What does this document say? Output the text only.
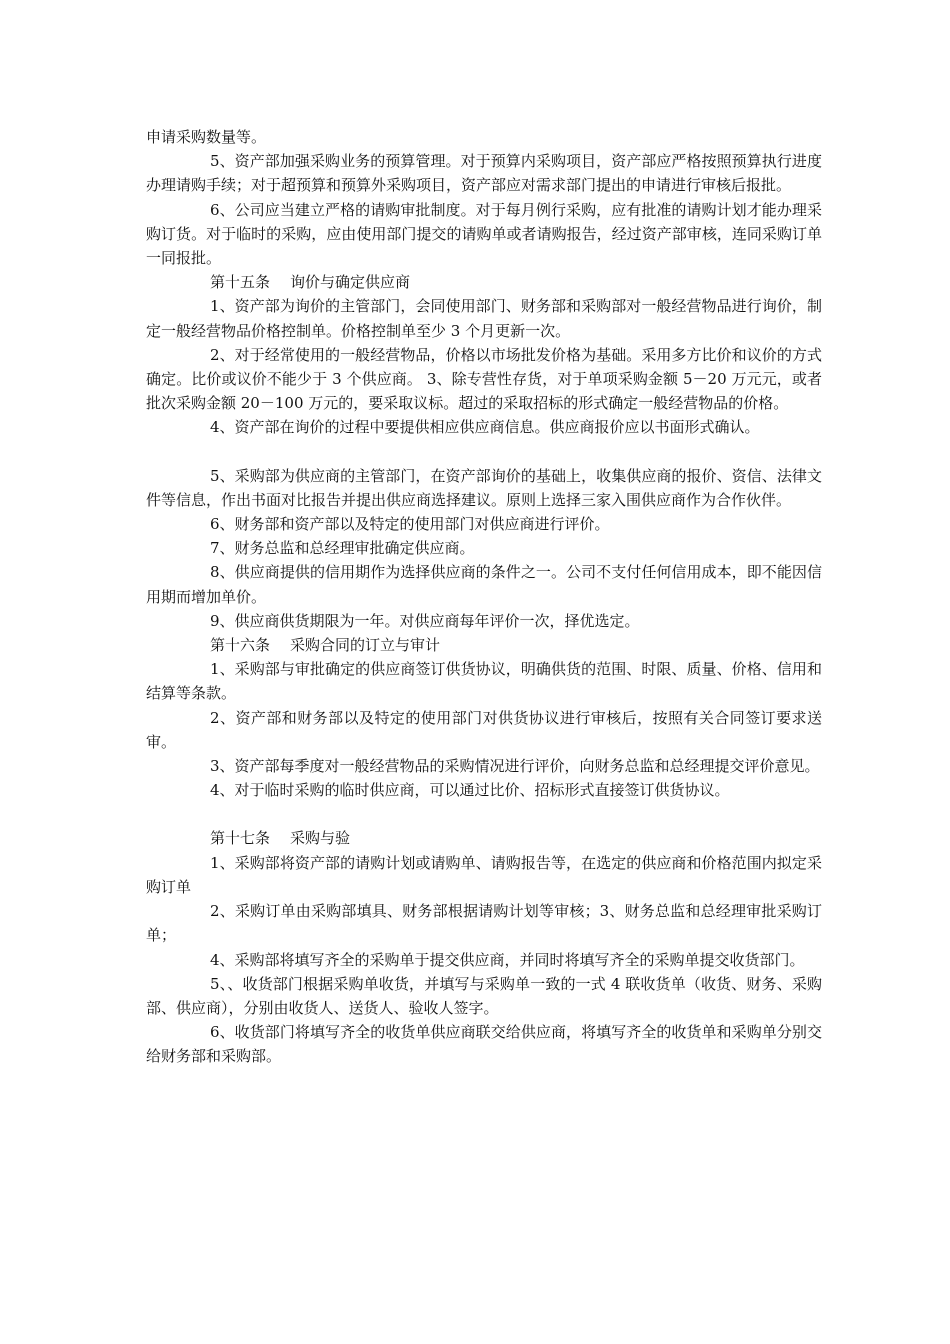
申请采购数量等。

5、资产部加强采购业务的预算管理。对于预算内采购项目，资产部应严格按照预算执行进度办理请购手续；对于超预算和预算外采购项目，资产部应对需求部门提出的申请进行审核后报批。

6、公司应当建立严格的请购审批制度。对于每月例行采购，应有批准的请购计划才能办理采购订货。对于临时的采购，应由使用部门提交的请购单或者请购报告，经过资产部审核，连同采购订单一同报批。

第十五条 询价与确定供应商

1、资产部为询价的主管部门，会同使用部门、财务部和采购部对一般经营物品进行询价，制定一般经营物品价格控制单。价格控制单至少 3 个月更新一次。

2、对于经常使用的一般经营物品，价格以市场批发价格为基础。采用多方比价和议价的方式确定。比价或议价不能少于 3 个供应商。 3、除专营性存货，对于单项采购金额 5－20 万元元，或者批次采购金额 20－100 万元的，要采取议标。超过的采取招标的形式确定一般经营物品的价格。

4、资产部在询价的过程中要提供相应供应商信息。供应商报价应以书面形式确认。

5、采购部为供应商的主管部门，在资产部询价的基础上，收集供应商的报价、资信、法律文件等信息，作出书面对比报告并提出供应商选择建议。原则上选择三家入围供应商作为合作伙伴。

6、财务部和资产部以及特定的使用部门对供应商进行评价。

7、财务总监和总经理审批确定供应商。

8、供应商提供的信用期作为选择供应商的条件之一。公司不支付任何信用成本，即不能因信用期而增加单价。

9、供应商供货期限为一年。对供应商每年评价一次，择优选定。

第十六条 采购合同的订立与审计

1、采购部与审批确定的供应商签订供货协议，明确供货的范围、时限、质量、价格、信用和结算等条款。

2、资产部和财务部以及特定的使用部门对供货协议进行审核后，按照有关合同签订要求送审。

3、资产部每季度对一般经营物品的采购情况进行评价，向财务总监和总经理提交评价意见。

4、对于临时采购的临时供应商，可以通过比价、招标形式直接签订供货协议。

第十七条 采购与验

1、采购部将资产部的请购计划或请购单、请购报告等，在选定的供应商和价格范围内拟定采购订单

2、采购订单由采购部填具、财务部根据请购计划等审核；3、财务总监和总经理审批采购订单；

4、采购部将填写齐全的采购单于提交供应商，并同时将填写齐全的采购单提交收货部门。

5、、收货部门根据采购单收货，并填写与采购单一致的一式 4 联收货单（收货、财务、采购部、供应商），分别由收货人、送货人、验收人签字。

6、收货部门将填写齐全的收货单供应商联交给供应商，将填写齐全的收货单和采购单分别交给财务部和采购部。
